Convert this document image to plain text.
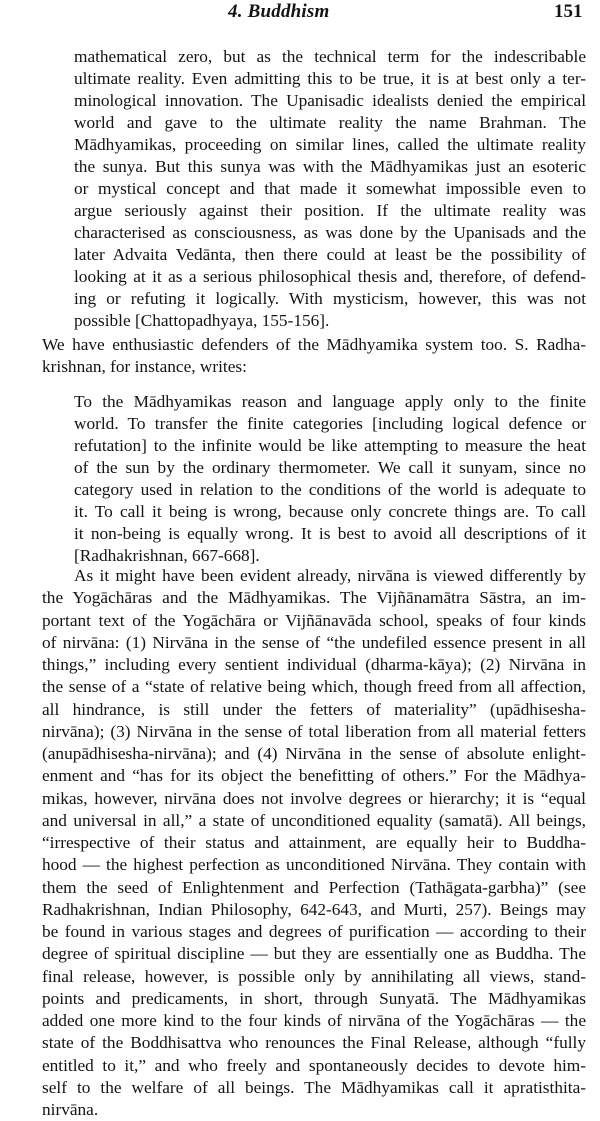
4. Buddhism	151
mathematical zero, but as the technical term for the indescribable
ultimate reality. Even admitting this to be true, it is at best only a ter-
minological innovation. The Upanisadic idealists denied the empirical
world and gave to the ultimate reality the name Brahman. The
Mādhyamikas, proceeding on similar lines, called the ultimate reality
the sunya. But this sunya was with the Mādhyamikas just an esoteric
or mystical concept and that made it somewhat impossible even to
argue seriously against their position. If the ultimate reality was
characterised as consciousness, as was done by the Upanisads and the
later Advaita Vedānta, then there could at least be the possibility of
looking at it as a serious philosophical thesis and, therefore, of defend-
ing or refuting it logically. With mysticism, however, this was not
possible [Chattopadhyaya, 155-156].
We have enthusiastic defenders of the Mādhyamika system too. S. Radha-
krishnan, for instance, writes:
To the Mādhyamikas reason and language apply only to the finite
world. To transfer the finite categories [including logical defence or
refutation] to the infinite would be like attempting to measure the heat
of the sun by the ordinary thermometer. We call it sunyam, since no
category used in relation to the conditions of the world is adequate to
it. To call it being is wrong, because only concrete things are. To call
it non-being is equally wrong. It is best to avoid all descriptions of it
[Radhakrishnan, 667-668].
As it might have been evident already, nirvāna is viewed differently by
the Yogāchāras and the Mādhyamikas. The Vijñānamātra Sāstra, an im-
portant text of the Yogāchāra or Vijñānavāda school, speaks of four kinds
of nirvāna: (1) Nirvāna in the sense of “the undefiled essence present in all
things,” including every sentient individual (dharma-kāya); (2) Nirvāna in
the sense of a “state of relative being which, though freed from all affection,
all hindrance, is still under the fetters of materiality” (upādhisesha-
nirvāna); (3) Nirvāna in the sense of total liberation from all material fetters
(anupādhisesha-nirvāna); and (4) Nirvāna in the sense of absolute enlight-
enment and “has for its object the benefitting of others.” For the Mādhya-
mikas, however, nirvāna does not involve degrees or hierarchy; it is “equal
and universal in all,” a state of unconditioned equality (samatā). All beings,
“irrespective of their status and attainment, are equally heir to Buddha-
hood — the highest perfection as unconditioned Nirvāna. They contain with
them the seed of Enlightenment and Perfection (Tathāgata-garbha)” (see
Radhakrishnan, Indian Philosophy, 642-643, and Murti, 257). Beings may
be found in various stages and degrees of purification — according to their
degree of spiritual discipline — but they are essentially one as Buddha. The
final release, however, is possible only by annihilating all views, stand-
points and predicaments, in short, through Sunyatā. The Mādhyamikas
added one more kind to the four kinds of nirvāna of the Yogāchāras — the
state of the Boddhisattva who renounces the Final Release, although “fully
entitled to it,” and who freely and spontaneously decides to devote him-
self to the welfare of all beings. The Mādhyamikas call it apratisthita-
nirvāna.
